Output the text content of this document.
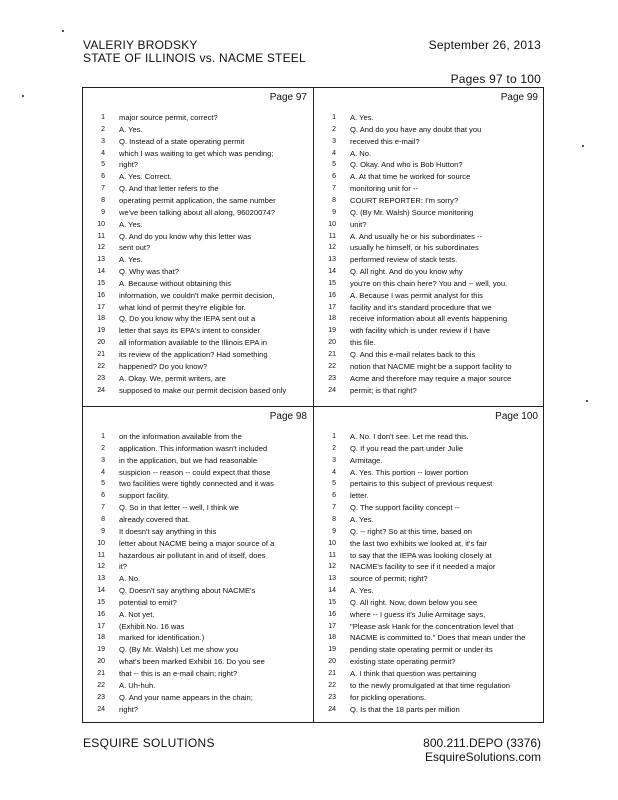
VALERIY BRODSKY
STATE OF ILLINOIS vs. NACME STEEL
September 26, 2013
Pages 97 to 100
Page 97
1 major source permit, correct?
2 A. Yes.
3 Q. Instead of a state operating permit
4 which I was waiting to get which was pending;
5 right?
6 A. Yes. Correct.
7 Q. And that letter refers to the
8 operating permit application, the same number
9 we've been talking about all along, 96020074?
10 A. Yes.
11 Q. And do you know why this letter was
12 sent out?
13 A. Yes.
14 Q. Why was that?
15 A. Because without obtaining this
16 information, we couldn't make permit decision,
17 what kind of permit they're eligible for.
18 Q. Do you know why the IEPA sent out a
19 letter that says its EPA's intent to consider
20 all information available to the Illinois EPA in
21 its review of the application? Had something
22 happened? Do you know?
23 A. Okay. We, permit writers, are
24 supposed to make our permit decision based only
Page 99
1 A. Yes.
2 Q. And do you have any doubt that you
3 received this e-mail?
4 A. No.
5 Q. Okay. And who is Bob Hutton?
6 A. At that time he worked for source
7 monitoring unit for --
8 COURT REPORTER: I'm sorry?
9 Q. (By Mr. Walsh) Source monitoring
10 unit?
11 A. And usually he or his subordinates --
12 usually he himself, or his subordinates
13 performed review of stack tests.
14 Q. All right. And do you know why
15 you're on this chain here? You and -- well, you.
16 A. Because I was permit analyst for this
17 facility and it's standard procedure that we
18 receive information about all events happening
19 with facility which is under review if I have
20 this file.
21 Q. And this e-mail relates back to this
22 notion that NACME might be a support facility to
23 Acme and therefore may require a major source
24 permit; is that right?
Page 98
1 on the information available from the
2 application. This information wasn't included
3 in the application, but we had reasonable
4 suspicion -- reason -- could expect that those
5 two facilities were tightly connected and it was
6 support facility.
7 Q. So in that letter -- well, I think we
8 already covered that.
9 It doesn't say anything in this
10 letter about NACME being a major source of a
11 hazardous air pollutant in and of itself, does
12 it?
13 A. No.
14 Q. Doesn't say anything about NACME's
15 potential to emit?
16 A. Not yet.
17 (Exhibit No. 16 was
18 marked for identification.)
19 Q. (By Mr. Walsh) Let me show you
20 what's been marked Exhibit 16. Do you see
21 that -- this is an e-mail chain; right?
22 A. Uh-huh.
23 Q. And your name appears in the chain;
24 right?
Page 100
1 A. No. I don't see. Let me read this.
2 Q. If you read the part under Julie
3 Armitage.
4 A. Yes. This portion -- lower portion
5 pertains to this subject of previous request
6 letter.
7 Q. The support facility concept --
8 A. Yes.
9 Q. -- right? So at this time, based on
10 the last two exhibits we looked at, it's fair
11 to say that the IEPA was looking closely at
12 NACME's facility to see if it needed a major
13 source of permit; right?
14 A. Yes.
15 Q. All right. Now, down below you see
16 where -- I guess it's Julie Armitage says,
17 "Please ask Hank for the concentration level that
18 NACME is committed to." Does that mean under the
19 pending state operating permit or under its
20 existing state operating permit?
21 A. I think that question was pertaining
22 to the newly promulgated at that time regulation
23 for pickling operations.
24 Q. Is that the 18 parts per million
ESQUIRE SOLUTIONS	800.211.DEPO (3376)
EsquireSolutions.com
